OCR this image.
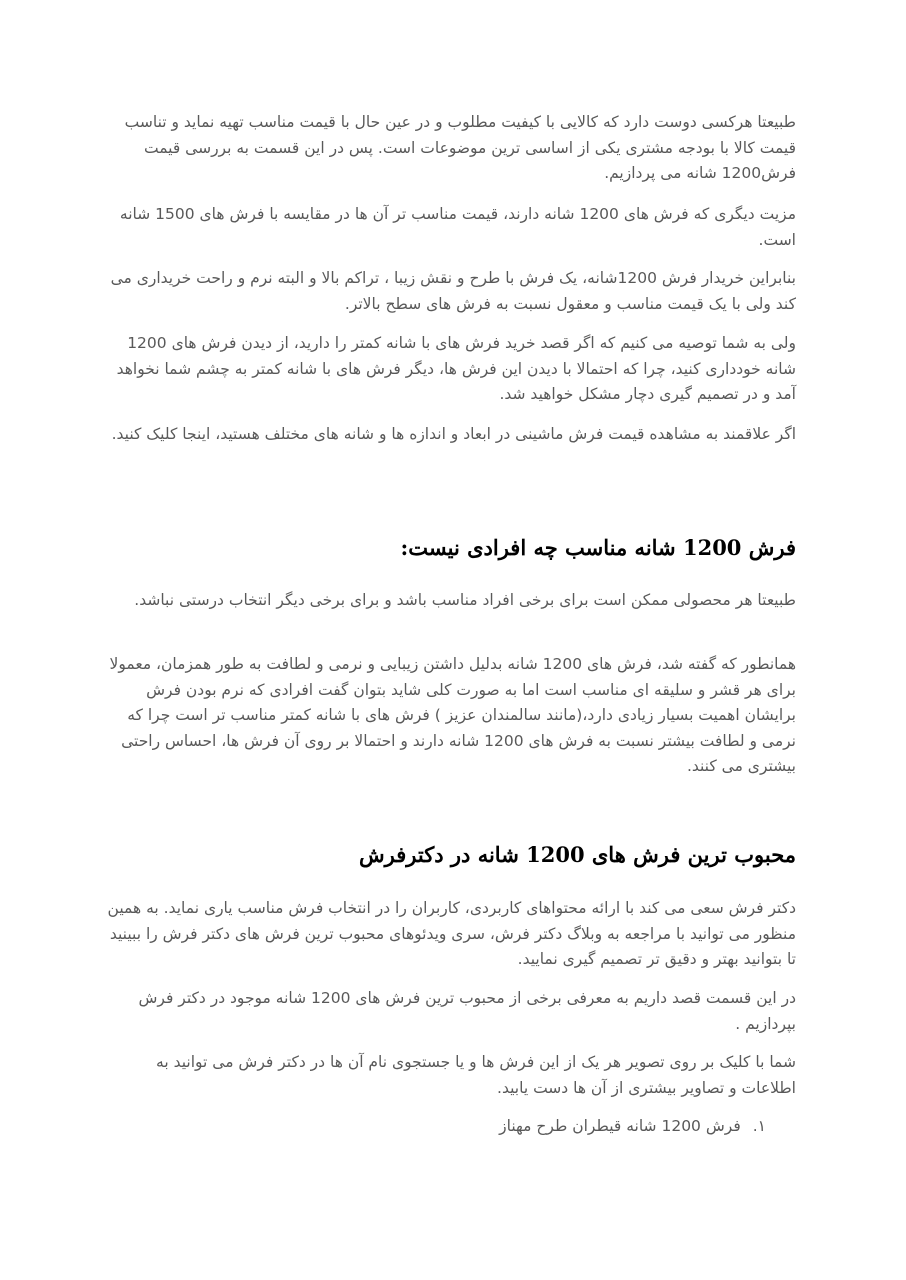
طبیعتا هرکسی دوست دارد که کالایی با کیفیت مطلوب و در عین حال با قیمت مناسب تهیه نماید و تناسب قیمت کالا با بودجه مشتری یکی از اساسی ترین موضوعات است. پس در این قسمت به بررسی قیمت فرش1200 شانه می پردازیم.

مزیت دیگری که فرش های 1200 شانه دارند، قیمت مناسب تر آن ها در مقایسه با فرش های 1500 شانه است.

بنابراین خریدار فرش 1200شانه، یک فرش با طرح و نقش زیبا ، تراکم بالا و البته نرم و راحت خریداری می کند ولی با یک قیمت مناسب و معقول نسبت به فرش های سطح بالاتر.

ولی به شما توصیه می کنیم که اگر قصد خرید فرش های با شانه کمتر را دارید، از دیدن فرش های 1200 شانه خودداری کنید، چرا که احتمالا با دیدن این فرش ها، دیگر فرش های با شانه کمتر به چشم شما نخواهد آمد و در تصمیم گیری دچار مشکل خواهید شد.

اگر علاقمند به مشاهده قیمت فرش ماشینی در ابعاد و اندازه ها و شانه های مختلف هستید، اینجا کلیک کنید.

فرش 1200 شانه مناسب چه افرادی نیست:

طبیعتا هر محصولی ممکن است برای برخی افراد مناسب باشد و برای برخی دیگر انتخاب درستی نباشد.

همانطور که گفته شد، فرش های 1200 شانه بدلیل داشتن زیبایی و نرمی و لطافت به طور همزمان، معمولا برای هر قشر و سلیقه ای مناسب است اما به صورت کلی شاید بتوان گفت افرادی که نرم بودن فرش برایشان اهمیت بسیار زیادی دارد،(مانند سالمندان عزیز ) فرش های با شانه کمتر مناسب تر است چرا که نرمی و لطافت بیشتر نسبت به فرش های 1200 شانه دارند و احتمالا بر روی آن فرش ها، احساس راحتی بیشتری می کنند.

محبوب ترین فرش های 1200 شانه در دکترفرش

دکتر فرش سعی می کند با ارائه محتواهای کاربردی، کاربران را در انتخاب فرش مناسب یاری نماید. به همین منظور می توانید با مراجعه به وبلاگ دکتر فرش، سری ویدئوهای محبوب ترین فرش های دکتر فرش را ببینید تا بتوانید بهتر و دقیق تر تصمیم گیری نمایید.

در این قسمت قصد داریم به معرفی برخی از محبوب ترین فرش های 1200 شانه موجود در دکتر فرش بپردازیم .

شما با کلیک بر روی تصویر هر یک از این فرش ها و یا جستجوی نام آن ها در دکتر فرش می توانید به اطلاعات و تصاویر بیشتری از آن ها دست یابید.

۱.فرش 1200 شانه قیطران طرح مهناز
